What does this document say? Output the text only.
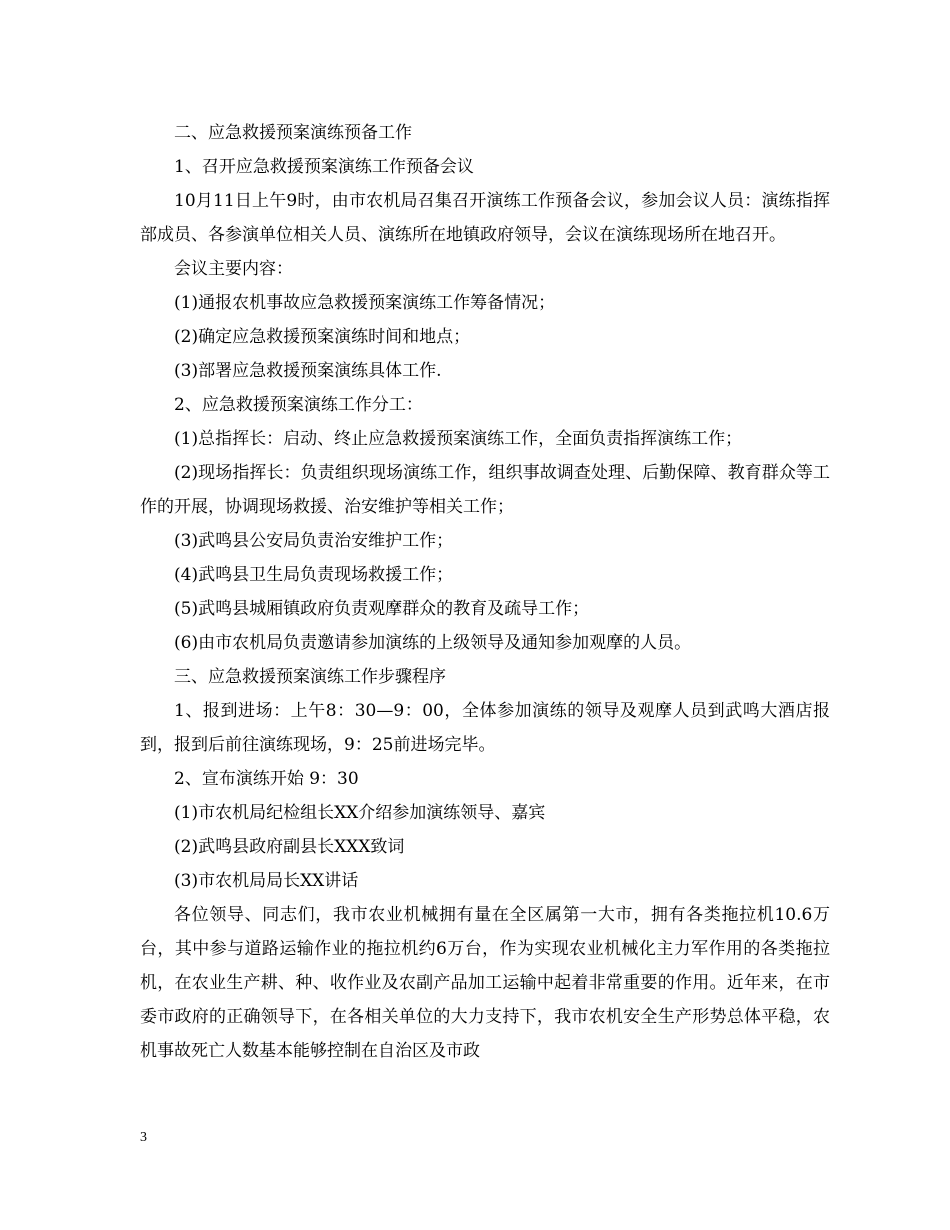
二、应急救援预案演练预备工作

1、召开应急救援预案演练工作预备会议

10月11日上午9时，由市农机局召集召开演练工作预备会议，参加会议人员：演练指挥部成员、各参演单位相关人员、演练所在地镇政府领导，会议在演练现场所在地召开。

会议主要内容：

(1)通报农机事故应急救援预案演练工作筹备情况；

(2)确定应急救援预案演练时间和地点；

(3)部署应急救援预案演练具体工作.

2、应急救援预案演练工作分工：

(1)总指挥长：启动、终止应急救援预案演练工作，全面负责指挥演练工作；

(2)现场指挥长：负责组织现场演练工作，组织事故调查处理、后勤保障、教育群众等工作的开展，协调现场救援、治安维护等相关工作；

(3)武鸣县公安局负责治安维护工作；

(4)武鸣县卫生局负责现场救援工作；

(5)武鸣县城厢镇政府负责观摩群众的教育及疏导工作；

(6)由市农机局负责邀请参加演练的上级领导及通知参加观摩的人员。

三、应急救援预案演练工作步骤程序

1、报到进场：上午8：30—9：00，全体参加演练的领导及观摩人员到武鸣大酒店报到，报到后前往演练现场，9：25前进场完毕。

2、宣布演练开始 9：30

(1)市农机局纪检组长XX介绍参加演练领导、嘉宾

(2)武鸣县政府副县长XXX致词

(3)市农机局局长XX讲话

各位领导、同志们，我市农业机械拥有量在全区属第一大市，拥有各类拖拉机10.6万台，其中参与道路运输作业的拖拉机约6万台，作为实现农业机械化主力军作用的各类拖拉机，在农业生产耕、种、收作业及农副产品加工运输中起着非常重要的作用。近年来，在市委市政府的正确领导下，在各相关单位的大力支持下，我市农机安全生产形势总体平稳，农机事故死亡人数基本能够控制在自治区及市政

3
